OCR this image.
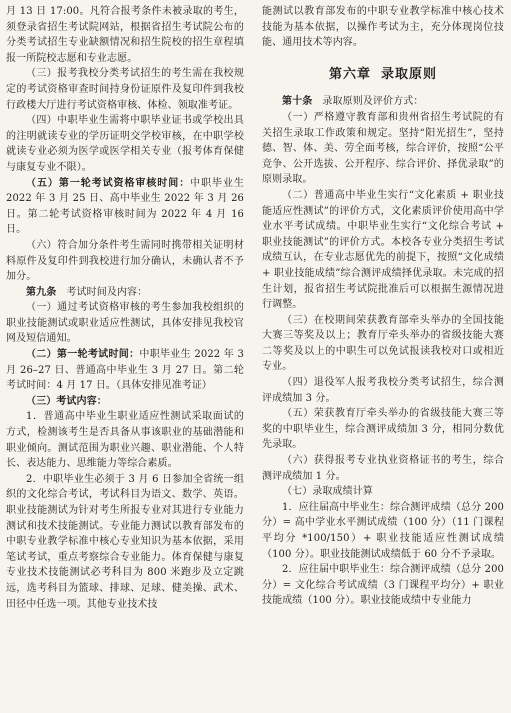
月 13 日 17:00。凡符合报考条件未被录取的考生，须登录省招生考试院网站，根据省招生考试院公布的分类考试招生专业缺额情况和招生院校的招生章程填报一所院校志愿和专业志愿。

（三）报考我校分类考试招生的考生需在我校规定的考试资格审查时间持身份证原件及复印件到我校行政楼大厅进行考试资格审核、体检、领取准考证。

（四）中职毕业生需将中职毕业证书或学校出具的注明就读专业的学历证明交学校审核，在中职学校就读专业必须为医学或医学相关专业（报考体育保健与康复专业不限）。

（五）第一轮考试资格审核时间：中职毕业生 2022 年 3 月 25 日、高中毕业生 2022 年 3 月 26 日。第二轮考试资格审核时间为 2022 年 4 月 16 日。

（六）符合加分条件考生需同时携带相关证明材料原件及复印件到我校进行加分确认，未确认者不予加分。

第九条　 考试时间及内容：

（一）通过考试资格审核的考生参加我校组织的职业技能测试或职业适应性测试，具体安排见我校官网及短信通知。

（二）第一轮考试时间：中职毕业生 2022 年 3 月 26–27 日、普通高中毕业生 3 月 27 日。第二轮考试时间：4 月 17 日。（具体安排见准考证）

（三）考试内容：

1．普通高中毕业生职业适应性测试采取面试的方式，检测该考生是否具备从事该职业的基础潜能和职业倾向。测试范围为职业兴趣、职业潜能、个人特长、表达能力、思维能力等综合素质。

2．中职毕业生必须于 3 月 6 日参加全省统一组织的文化综合考试，考试科目为语文、数学、英语。职业技能测试为针对考生所报专业对其进行专业能力测试和技术技能测试。专业能力测试以教育部发布的中职专业教学标准中核心专业知识为基本依据，采用笔试考试，重点考察综合专业能力。体育保健与康复专业技术技能测试必考科目为 800 米跑步及立定跳远，选考科目为篮球、排球、足球、健美操、武术、田径中任选一项。其他专业技术技

能测试以教育部发布的中职专业教学标准中核心技术技能为基本依据，以操作考试为主，充分体现岗位技能、通用技术等内容。

第六章 录取原则

第十条　 录取原则及评价方式：

（一）严格遵守教育部和贵州省招生考试院的有关招生录取工作政策和规定。坚持“阳光招生”，坚持德、智、体、美、劳全面考核，综合评价，按照“公平竞争、公开选拔、公开程序、综合评价、择优录取”的原则录取。

（二）普通高中毕业生实行“文化素质 + 职业技能适应性测试”的评价方式，文化素质评价使用高中学业水平考试成绩。中职毕业生实行“文化综合考试 + 职业技能测试”的评价方式。本校各专业分类招生考试成绩互认，在专业志愿优先的前提下，按照“文化成绩 + 职业技能成绩”综合测评成绩择优录取。未完成的招生计划，报省招生考试院批准后可以根据生源情况进行调整。

（三）在校期间荣获教育部牵头举办的全国技能大赛三等奖及以上；教育厅牵头举办的省级技能大赛二等奖及以上的中职生可以免试报读我校对口或相近专业。

（四）退役军人报考我校分类考试招生，综合测评成绩加 3 分。

（五）荣获教育厅牵头举办的省级技能大赛三等奖的中职毕业生，综合测评成绩加 3 分，相同分数优先录取。

（六）获得报考专业执业资格证书的考生，综合测评成绩加 1 分。

（七）录取成绩计算

1．应往届高中毕业生：综合测评成绩（总分 200 分）= 高中学业水平测试成绩（100 分）（11 门课程平均分 *100/150）+ 职业技能适应性测试成绩（100 分）。职业技能测试成绩低于 60 分不予录取。

2．应往届中职毕业生：综合测评成绩（总分 200 分）= 文化综合考试成绩（3 门课程平均分）+ 职业技能成绩（100 分）。职业技能成绩中专业能力
